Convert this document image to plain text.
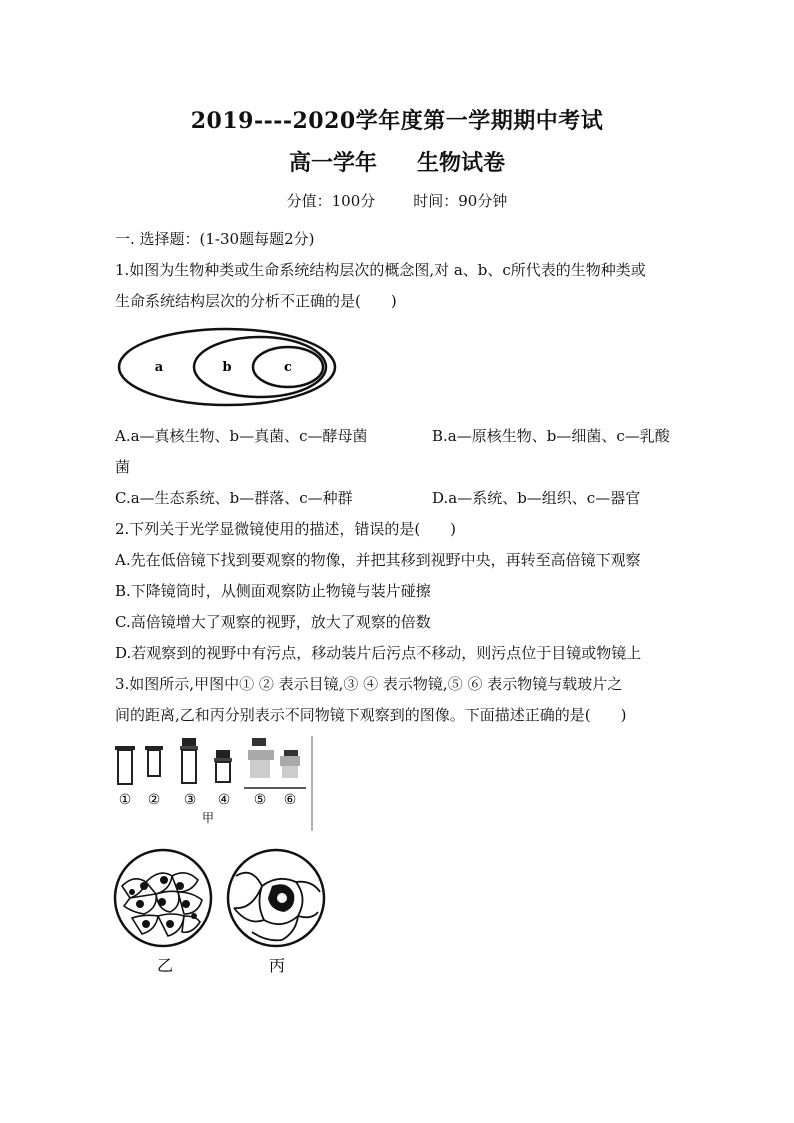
2019----2020学年度第一学期期中考试
高一学年 生物试卷
分值：100分	时间：90分钟
一. 选择题：(1-30题每题2分)
1.如图为生物种类或生命系统结构层次的概念图,对 a、b、c所代表的生物种类或
生命系统结构层次的分析不正确的是(　　)
a	b	c
A.a—真核生物、b—真菌、c—酵母菌	B.a—原核生物、b—细菌、c—乳酸
菌
C.a—生态系统、b—群落、c—种群	D.a—系统、b—组织、c—器官
2.下列关于光学显微镜使用的描述，错误的是(　　)
A.先在低倍镜下找到要观察的物像，并把其移到视野中央，再转至高倍镜下观察
B.下降镜筒时，从侧面观察防止物镜与装片碰擦
C.高倍镜增大了观察的视野，放大了观察的倍数
D.若观察到的视野中有污点，移动装片后污点不移动，则污点位于目镜或物镜上
3.如图所示,甲图中① ② 表示目镜,③ ④ 表示物镜,⑤ ⑥ 表示物镜与载玻片之
间的距离,乙和丙分别表示不同物镜下观察到的图像。下面描述正确的是(　　)
① ② ③ ④ ⑤ ⑥
甲
乙	丙
